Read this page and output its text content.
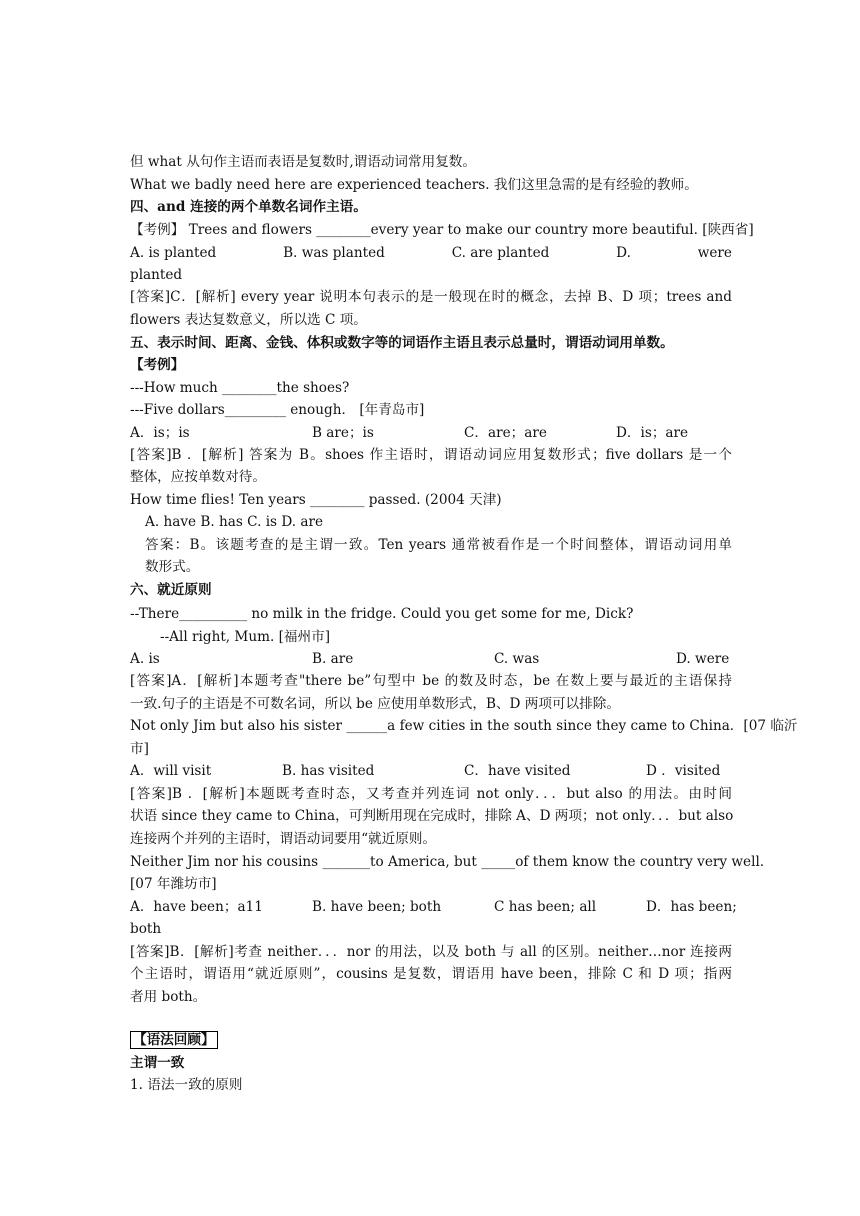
但 what 从句作主语而表语是复数时,谓语动词常用复数。
What we badly need here are experienced teachers. 我们这里急需的是有经验的教师。
四、and 连接的两个单数名词作主语。
【考例】 Trees and flowers ________every year to make our country more beautiful. [陕西省]
A. is planted	B. was planted	C. are planted	D.	were
planted
[答案]C．[解析] every year 说明本句表示的是一般现在时的概念，去掉 B、D 项；trees and
flowers 表达复数意义，所以选 C 项。
五、表示时间、距离、金钱、体积或数字等的词语作主语且表示总量时，谓语动词用单数。
【考例】
---How much ________the shoes?
---Five dollars_________ enough． [年青岛市]
A．is；is	B are；is	C．are；are	D．is；are
[答案]B ．[解析] 答案为 B。shoes 作主语时，谓语动词应用复数形式；five dollars 是一个
整体，应按单数对待。
How time flies! Ten years ________ passed. (2004 天津)
A. have B. has C. is D. are
答案：B。该题考查的是主谓一致。Ten years 通常被看作是一个时间整体，谓语动词用单
数形式。
六、就近原则
--There__________ no milk in the fridge. Could you get some for me, Dick?
--All right, Mum. [福州市]
A. is	B. are	C. was	D. were
[答案]A．[解析]本题考查"there be”句型中 be 的数及时态，be 在数上要与最近的主语保持
一致.句子的主语是不可数名词，所以 be 应使用单数形式，B、D 两项可以排除。
Not only Jim but also his sister ______a few cities in the south since they came to China．[07 临沂
市]
A．will visit	B. has visited	C．have visited	D ．visited
[答案]B ．[解析]本题既考查时态，又考查并列连词 not only．．．but also 的用法。由时间
状语 since they came to China，可判断用现在完成时，排除 A、D 两项；not only．．．but also
连接两个并列的主语时，谓语动词要用“就近原则。
Neither Jim nor his cousins _______to America, but _____of them know the country very well.
[07 年潍坊市]
A．have been；a11	B. have been; both	C has been; all	D．has been;
both
[答案]B．[解析]考查 neither．．．nor 的用法，以及 both 与 all 的区别。neither…nor 连接两
个主语时，谓语用“就近原则”，cousins 是复数，谓语用 have been，排除 C 和 D 项；指两
者用 both。
【语法回顾】
主谓一致
1. 语法一致的原则
